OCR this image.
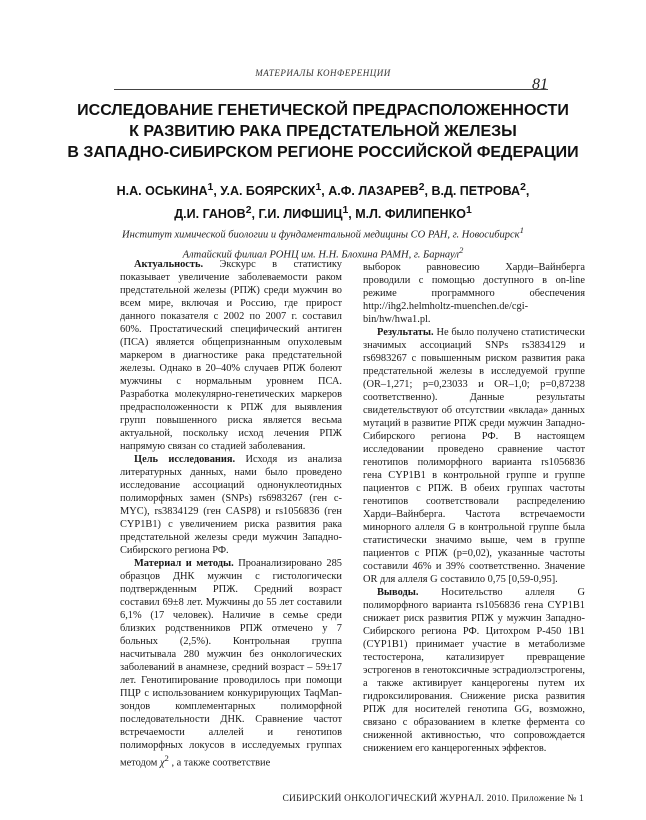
МАТЕРИАЛЫ КОНФЕРЕНЦИИ
81
ИССЛЕДОВАНИЕ ГЕНЕТИЧЕСКОЙ ПРЕДРАСПОЛОЖЕННОСТИ
К РАЗВИТИЮ РАКА ПРЕДСТАТЕЛЬНОЙ ЖЕЛЕЗЫ
В ЗАПАДНО-СИБИРСКОМ РЕГИОНЕ РОССИЙСКОЙ ФЕДЕРАЦИИ
Н.А. ОСЬКИНА$^1$, У.А. БОЯРСКИХ$^1$, А.Ф. ЛАЗАРЕВ$^2$, В.Д. ПЕТРОВА$^2$,
Д.И. ГАНОВ$^2$, Г.И. ЛИФШИЦ$^1$, М.Л. ФИЛИПЕНКО$^1$
Институт химической биологии и фундаментальной медицины СО РАН, г. Новосибирск$^1$
Алтайский филиал РОНЦ им. Н.Н. Блохина РАМН, г. Барнаул$^2$

Актуальность. Экскурс в статистику показывает увеличение заболеваемости раком предстательной железы (РПЖ) среди мужчин во всем мире, включая и Россию, где прирост данного показателя с 2002 по 2007 г. составил 60%. Простатический специфический антиген (ПСА) является общепризнанным опухолевым маркером в диагностике рака предстательной железы. Однако в 20–40% случаев РПЖ болеют мужчины с нормальным уровнем ПСА. Разработка молекулярно-генетических маркеров предрасположенности к РПЖ для выявления групп повышенного риска является весьма актуальной, поскольку исход лечения РПЖ напрямую связан со стадией заболевания.

Цель исследования. Исходя из анализа литературных данных, нами было проведено исследование ассоциаций однонуклеотидных полиморфных замен (SNPs) rs6983267 (ген c-MYC), rs3834129 (ген CASP8) и rs1056836 (ген CYP1B1) с увеличением риска развития рака предстательной железы среди мужчин Западно-Сибирского региона РФ.

Материал и методы. Проанализировано 285 образцов ДНК мужчин с гистологически подтвержденным РПЖ. Средний возраст составил 69±8 лет. Мужчины до 55 лет составили 6,1% (17 человек). Наличие в семье среди близких родственников РПЖ отмечено у 7 больных (2,5%). Контрольная группа насчитывала 280 мужчин без онкологических заболеваний в анамнезе, средний возраст – 59±17 лет. Генотипирование проводилось при помощи ПЦР с использованием конкурирующих TaqMan-зондов комплементарных полиморфной последовательности ДНК. Сравнение частот встречаемости аллелей и генотипов полиморфных локусов в исследуемых группах методом $\chi^2$ , а также соответствие

выборок равновесию Харди–Вайнберга проводили с помощью доступного в on-line режиме программного обеспечения http://ihg2.helmholtz-muenchen.de/cgi-bin/hw/hwa1.pl.

Результаты. Не было получено статистически значимых ассоциаций SNPs rs3834129 и rs6983267 с повышенным риском развития рака предстательной железы в исследуемой группе (OR–1,271; p=0,23033 и OR–1,0; p=0,87238 соответственно). Данные результаты свидетельствуют об отсутствии «вклада» данных мутаций в развитие РПЖ среди мужчин Западно-Сибирского региона РФ. В настоящем исследовании проведено сравнение частот генотипов полиморфного варианта rs1056836 гена CYP1B1 в контрольной группе и группе пациентов с РПЖ. В обеих группах частоты генотипов соответствовали распределению Харди–Вайнберга. Частота встречаемости минорного аллеля G в контрольной группе была статистически значимо выше, чем в группе пациентов с РПЖ (p=0,02), указанные частоты составили 46% и 39% соответственно. Значение OR для аллеля G составило 0,75 [0,59-0,95].

Выводы. Носительство аллеля G полиморфного варианта rs1056836 гена CYP1B1 снижает риск развития РПЖ у мужчин Западно-Сибирского региона РФ. Цитохром Р-450 1В1 (CYP1B1) принимает участие в метаболизме тестостерона, катализирует превращение эстрогенов в генотоксичные эстрадиолэстрогены, а также активирует канцерогены путем их гидроксилирования. Снижение риска развития РПЖ для носителей генотипа GG, возможно, связано с образованием в клетке фермента со сниженной активностью, что сопровождается снижением его канцерогенных эффектов.

СИБИРСКИЙ ОНКОЛОГИЧЕСКИЙ ЖУРНАЛ. 2010. Приложение № 1
